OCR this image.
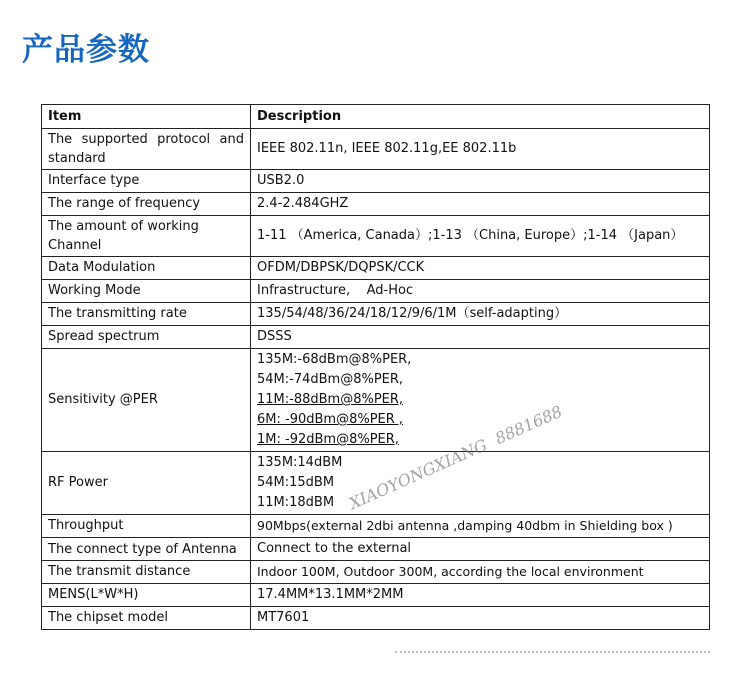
产品参数
Item	Description
The supported protocol and standard	IEEE 802.11n, IEEE 802.11g,EE 802.11b

Interface type	USB2.0

The range of frequency	2.4-2.484GHZ

The amount of working Channel	1-11 （America, Canada）;1-13 （China, Europe）;1-14 （Japan）

Data Modulation	OFDM/DBPSK/DQPSK/CCK

Working Mode	Infrastructure,    Ad-Hoc

The transmitting rate	135/54/48/36/24/18/12/9/6/1M（self-adapting）

Spread spectrum	DSSS

Sensitivity @PER	135M:-68dBm@8%PER,
54M:-74dBm@8%PER,
11M:-88dBm@8%PER,
6M: -90dBm@8%PER ,
1M: -92dBm@8%PER,

RF Power	135M:14dBM
54M:15dBM
11M:18dBM

Throughput	90Mbps(external 2dbi antenna ,damping 40dbm in Shielding box )

The connect type of Antenna	Connect to the external

The transmit distance	Indoor 100M, Outdoor 300M, according the local environment

MENS(L*W*H)	17.4MM*13.1MM*2MM

The chipset model	MT7601
XIAOYONGXIANG 8881688
